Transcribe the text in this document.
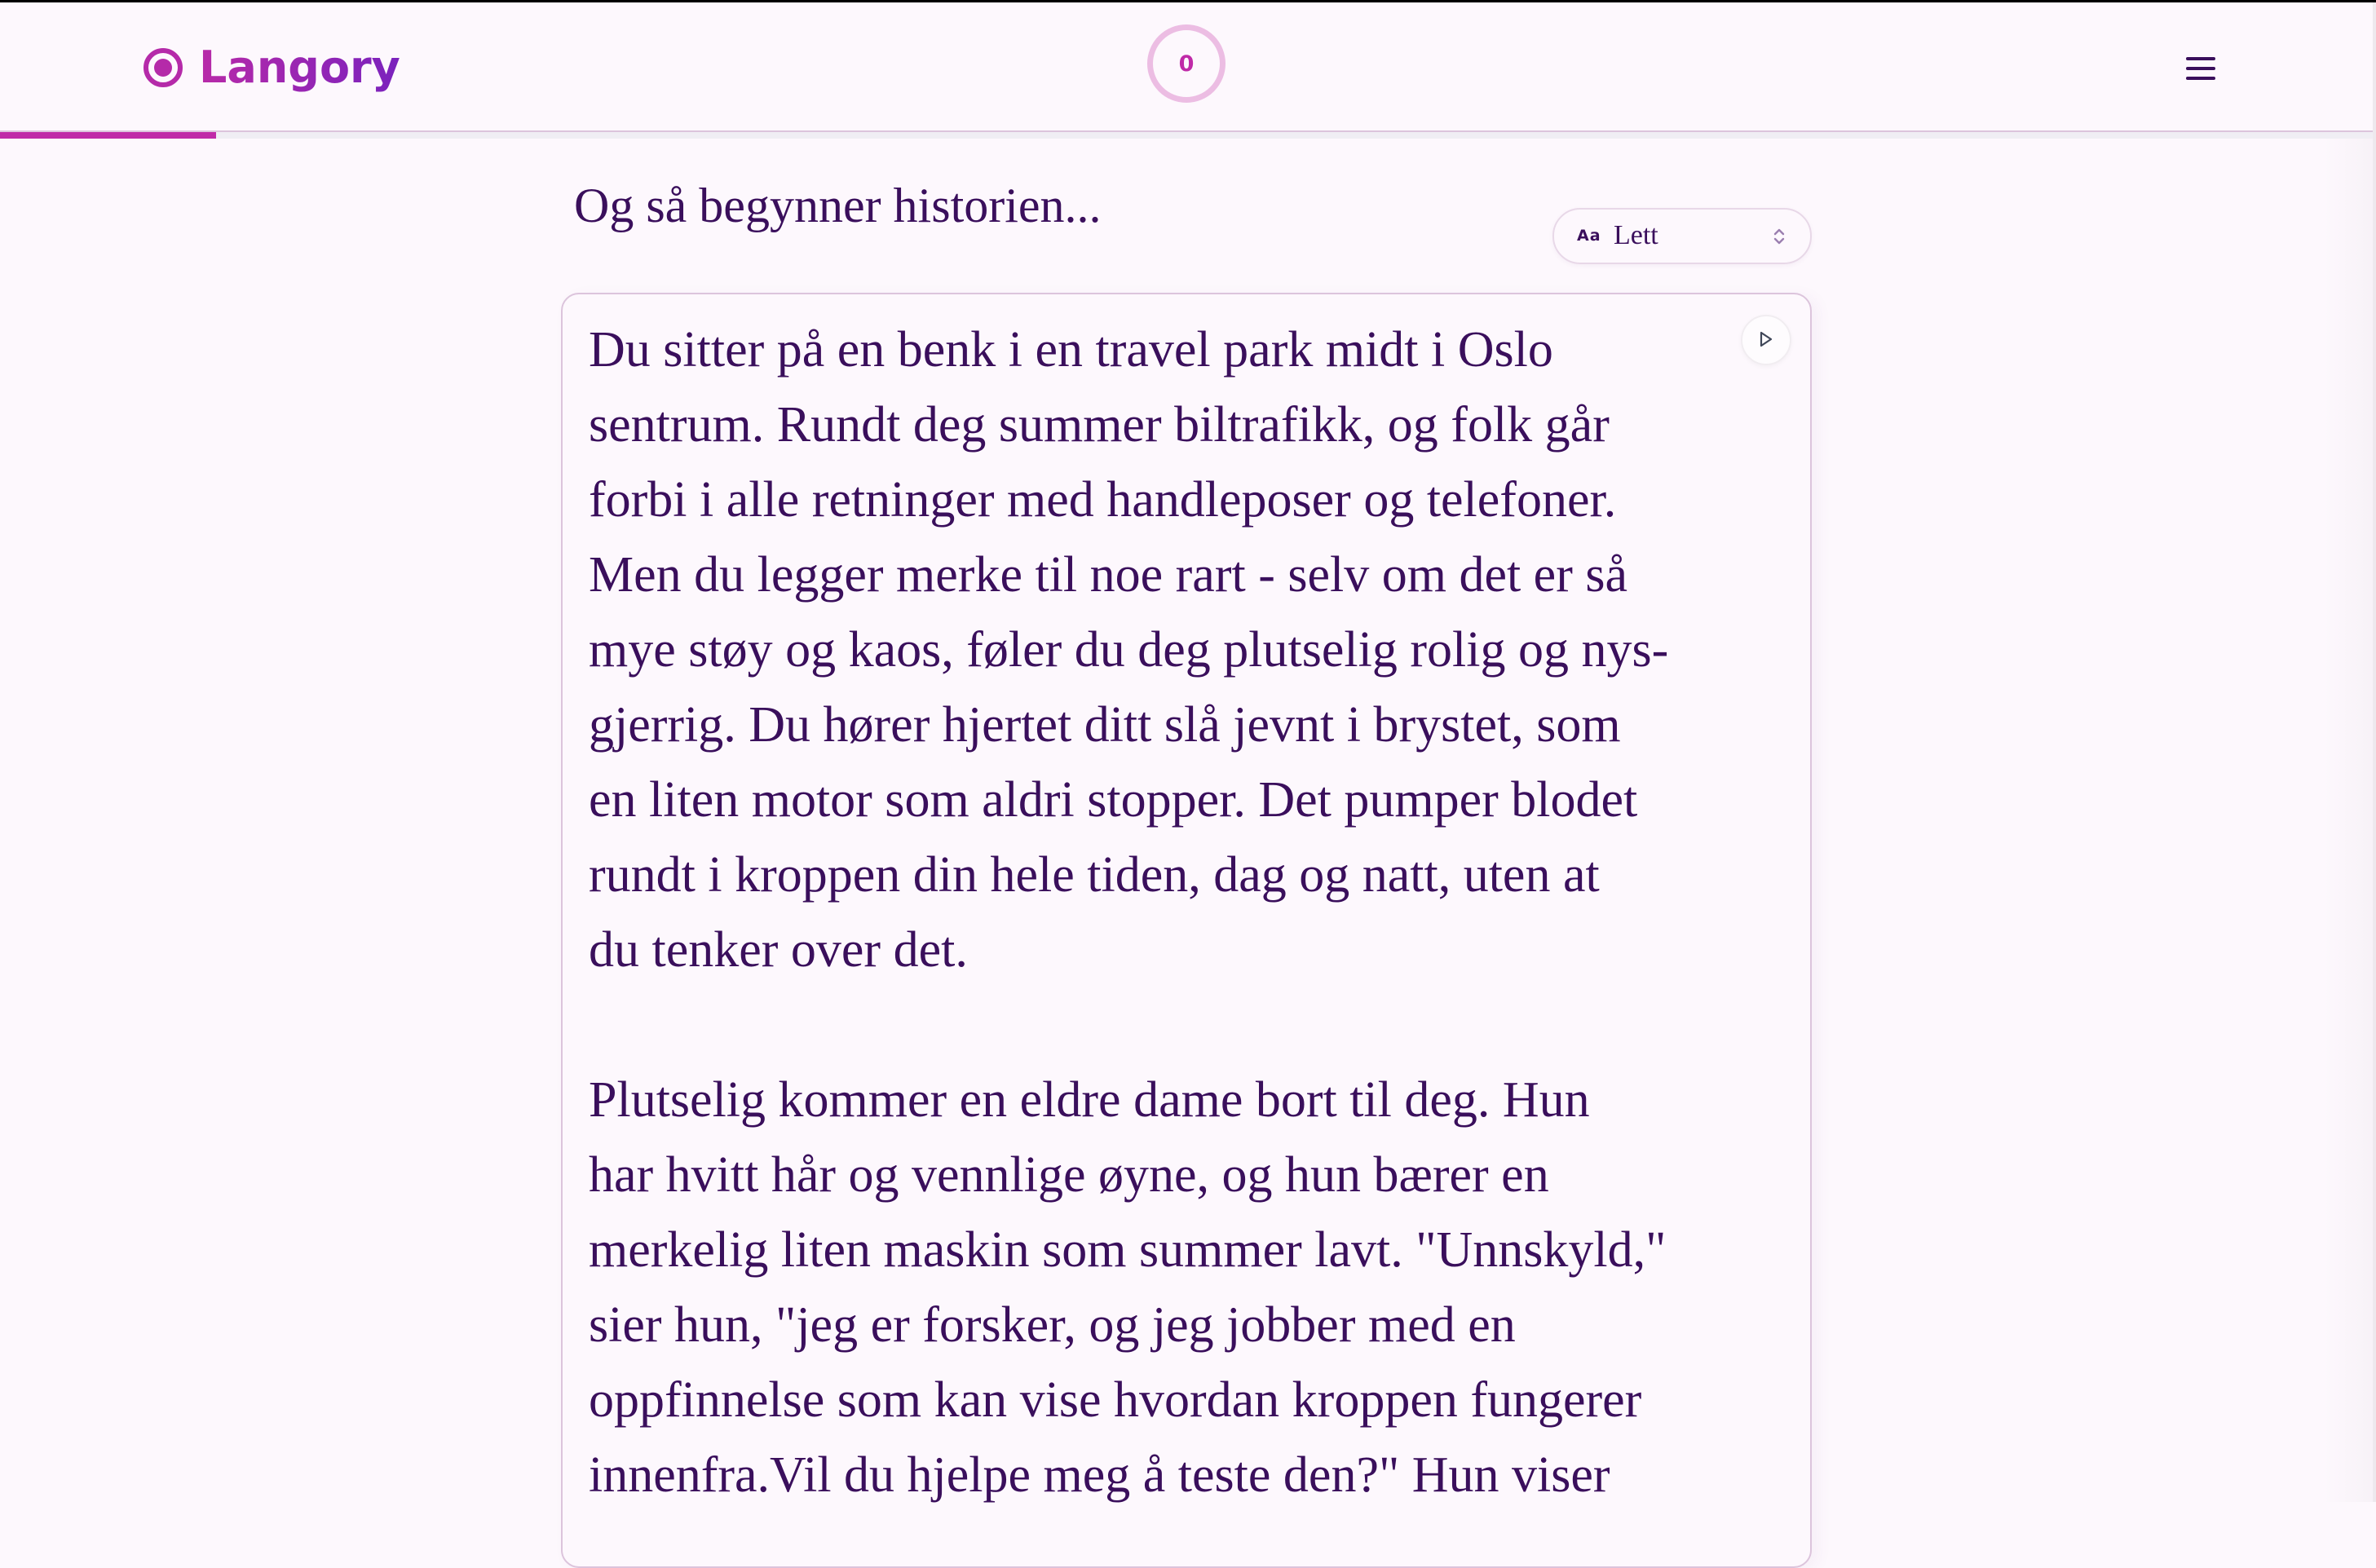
Langory	0
Og så begynner historien...
Aa Lett

Du sitter på en benk i en travel park midt i Oslo
sentrum. Rundt deg summer biltrafikk, og folk går
forbi i alle retninger med handleposer og telefoner.
Men du legger merke til noe rart - selv om det er så
mye støy og kaos, føler du deg plutselig rolig og nys-
gjerrig. Du hører hjertet ditt slå jevnt i brystet, som
en liten motor som aldri stopper. Det pumper blodet
rundt i kroppen din hele tiden, dag og natt, uten at
du tenker over det.

Plutselig kommer en eldre dame bort til deg. Hun
har hvitt hår og vennlige øyne, og hun bærer en
merkelig liten maskin som summer lavt. "Unnskyld,"
sier hun, "jeg er forsker, og jeg jobber med en
oppfinnelse som kan vise hvordan kroppen fungerer
innenfra.Vil du hjelpe meg å teste den?" Hun viser
